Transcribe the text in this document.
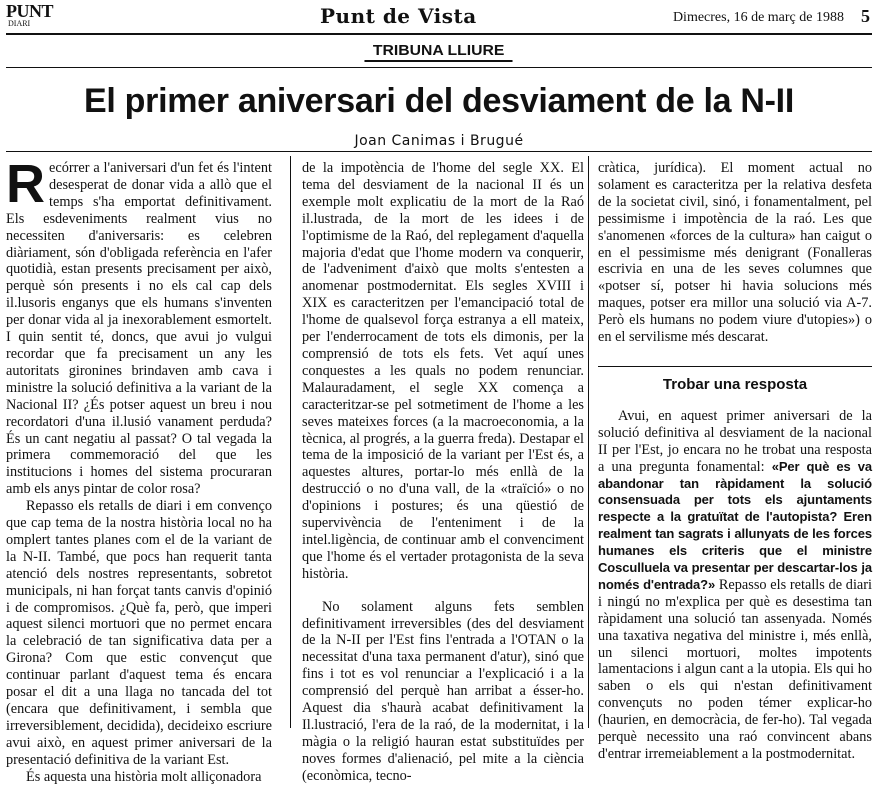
PUNT
DIARI	Punt de Vista	Dimecres, 16 de març de 1988 5
TRIBUNA LLIURE
El primer aniversari del desviament de la N-II
Joan Canimas i Brugué

Recórrer a l'aniversari d'un fet és l'intent desesperat de donar vida a allò que el temps s'ha emportat definitivament. Els esdeveniments realment vius no necessiten d'aniversaris: es celebren diàriament, són d'obligada referència en l'afer quotidià, estan presents precisament per això, perquè són presents i no els cal cap dels il.lusoris enganys que els humans s'inventen per donar vida al ja inexorablement esmortelt. I quin sentit té, doncs, que avui jo vulgui recordar que fa precisament un any les autoritats gironines brindaven amb cava i ministre la solució definitiva a la variant de la Nacional II? ¿És potser aquest un breu i nou recordatori d'una il.lusió vanament perduda? És un cant negatiu al passat? O tal vegada la primera commemoració del que les institucions i homes del sistema procuraran amb els anys pintar de color rosa?

Repasso els retalls de diari i em convenço que cap tema de la nostra història local no ha omplert tantes planes com el de la variant de la N-II. També, que pocs han requerit tanta atenció dels nostres representants, sobretot municipals, ni han forçat tants canvis d'opinió i de compromisos. ¿Què fa, però, que imperi aquest silenci mortuori que no permet encara la celebració de tan significativa data per a Girona? Com que estic convençut que continuar parlant d'aquest tema és encara posar el dit a una llaga no tancada del tot (encara que definitivament, i sembla que irreversiblement, decidida), decideixo escriure avui això, en aquest primer aniversari de la presentació definitiva de la variant Est.

És aquesta una història molt alliçonadora

de la impotència de l'home del segle XX. El tema del desviament de la nacional II és un exemple molt explicatiu de la mort de la Raó il.lustrada, de la mort de les idees i de l'optimisme de la Raó, del replegament d'aquella majoria d'edat que l'home modern va conquerir, de l'adveniment d'això que molts s'entesten a anomenar postmodernitat. Els segles XVIII i XIX es caracteritzen per l'emancipació total de l'home de qualsevol força estranya a ell mateix, per l'enderrocament de tots els dimonis, per la comprensió de tots els fets. Vet aquí unes conquestes a les quals no podem renunciar. Malauradament, el segle XX comença a caracteritzar-se pel sotmetiment de l'home a les seves mateixes forces (a la macroeconomia, a la tècnica, al progrés, a la guerra freda). Destapar el tema de la imposició de la variant per l'Est és, a aquestes altures, portar-lo més enllà de la destrucció o no d'una vall, de la «traïció» o no d'opinions i postures; és una qüestió de supervivència de l'enteniment i de la intel.ligència, de continuar amb el convenciment que l'home és el vertader protagonista de la seva història.

No solament alguns fets semblen definitivament irreversibles (des del desviament de la N-II per l'Est fins l'entrada a l'OTAN o la necessitat d'una taxa permanent d'atur), sinó que fins i tot es vol renunciar a l'explicació i a la comprensió del perquè han arribat a ésser-ho. Aquest dia s'haurà acabat definitivament la Il.lustració, l'era de la raó, de la modernitat, i la màgia o la religió hauran estat substituïdes per noves formes d'alienació, pel mite a la ciència (econòmica, tecno-

cràtica, jurídica). El moment actual no solament es caracteritza per la relativa desfeta de la societat civil, sinó, i fonamentalment, pel pessimisme i impotència de la raó. Les que s'anomenen «forces de la cultura» han caigut o en el pessimisme més denigrant (Fonalleras escrivia en una de les seves columnes que «potser sí, potser hi havia solucions més maques, potser era millor una solució via A-7. Però els humans no podem viure d'utopies») o en el servilisme més descarat.

Trobar una resposta

Avui, en aquest primer aniversari de la solució definitiva al desviament de la nacional II per l'Est, jo encara no he trobat una resposta a una pregunta fonamental: «Per què es va abandonar tan ràpidament la solució consensuada per tots els ajuntaments respecte a la gratuïtat de l'autopista? Eren realment tan sagrats i allunyats de les forces humanes els criteris que el ministre Cosculluela va presentar per descartar-los ja només d'entrada?» Repasso els retalls de diari i ningú no m'explica per què es desestima tan ràpidament una solució tan assenyada. Només una taxativa negativa del ministre i, més enllà, un silenci mortuori, moltes impotents lamentacions i algun cant a la utopia. Els qui ho saben o els qui n'estan definitivament convençuts no poden témer explicar-ho (haurien, en democràcia, de fer-ho). Tal vegada perquè necessito una raó convincent abans d'entrar irremeiablement a la postmodernitat.
